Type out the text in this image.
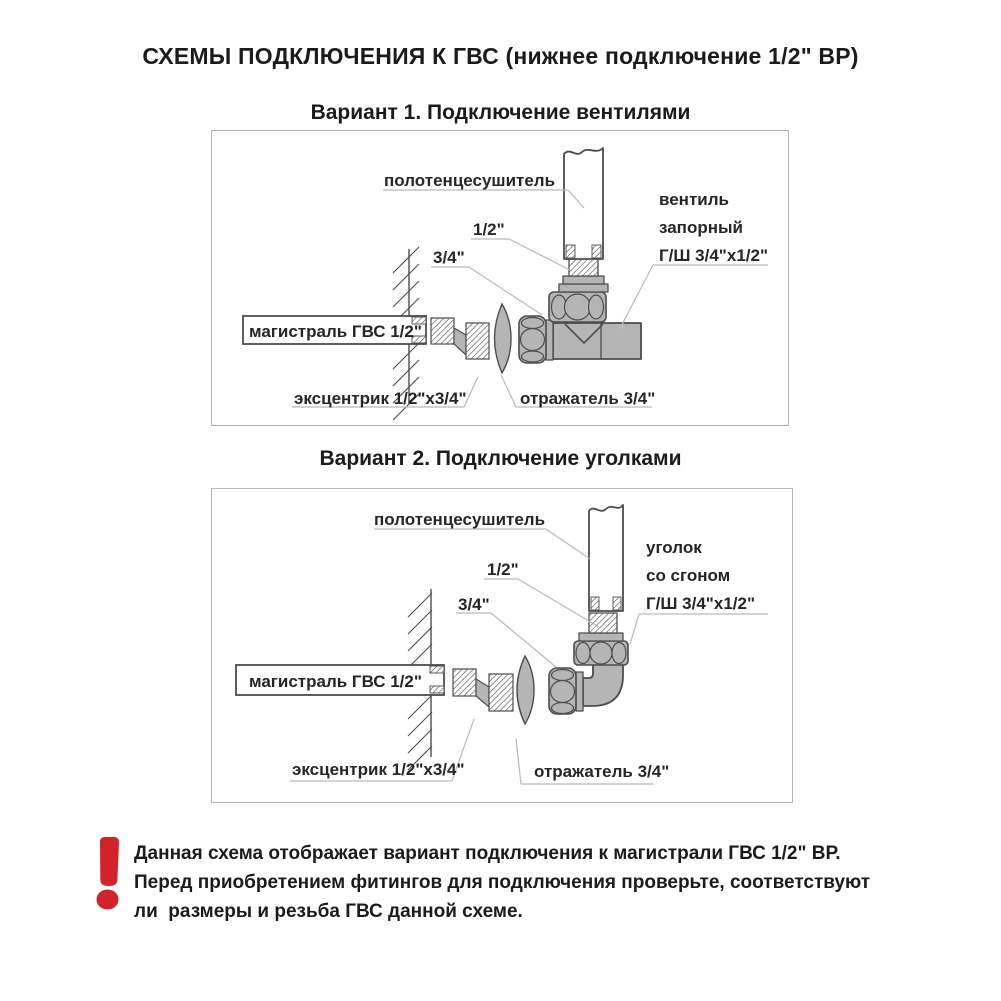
СХЕМЫ ПОДКЛЮЧЕНИЯ К ГВС (нижнее подключение 1/2" ВР)
Вариант 1. Подключение вентилями
полотенцесушитель
1/2"
3/4"
вентиль
запорный
Г/Ш 3/4"x1/2"
магистраль ГВС 1/2"
эксцентрик 1/2"x3/4"	отражатель 3/4"
Вариант 2. Подключение уголками
полотенцесушитель
1/2"
3/4"
уголок
со сгоном
Г/Ш 3/4"x1/2"
магистраль ГВС 1/2"
эксцентрик 1/2"x3/4"	отражатель 3/4"
Данная схема отображает вариант подключения к магистрали ГВС 1/2" ВР.
Перед приобретением фитингов для подключения проверьте, соответствуют
ли  размеры и резьба ГВС данной схеме.
